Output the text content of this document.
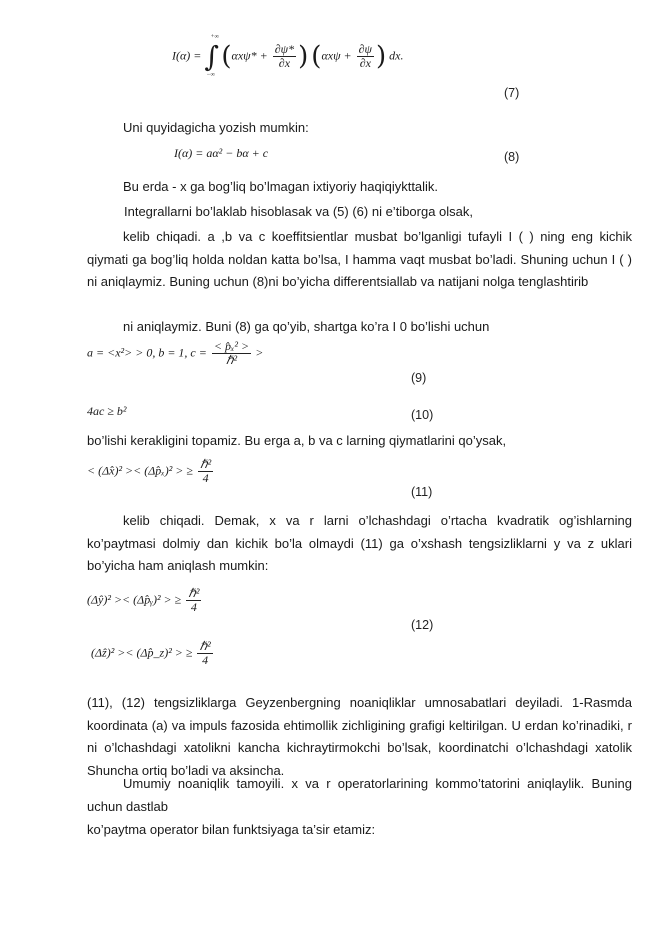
I(α) = ∫
+∞
−∞
($\alpha x\psi* + \frac{\partial\psi*}{\partial x}$ ) ($\alpha x\psi + \frac{\partial\psi}{\partial x}$ ) dx.
(7)
Uni quyidagicha yozish mumkin:
I(α) = aα² − bα + c	(8)
Bu erda - x ga bog’liq bo’lmagan ixtiyoriy haqiqiykttalik.
Integrallarni bo’laklab hisoblasak va (5) (6) ni e’tiborga olsak,

kelib chiqadi. a ,b va c koeffitsientlar musbat bo’lganligi tufayli I ( ) ning eng kichik qiymati ga bog’liq holda noldan katta bo’lsa, I hamma vaqt musbat bo’ladi. Shuning uchun I ( ) ni aniqlaymiz. Buning uchun (8)ni bo’yicha differentsiallab va natijani nolga tenglashtirib

ni aniqlaymiz. Buni (8) ga qo’yib, shartga ko’ra I 0 bo’lishi uchun
a = <x²> > 0, b = 1, $c = \frac{\text{< p̂ₓ² >}}{\text{ℏ²}}$ >
(9)
4ac ≥ b²	(10)
bo’lishi kerakligini topamiz. Bu erga a, b va c larning qiymatlarini qo’ysak,
< (Δx̂)² >< (Δp̂ₓ)² > ≥ $\frac{\text{ℏ²}}{4}$
(11)

kelib chiqadi. Demak, x va r larni o’lchashdagi o’rtacha kvadratik og’ishlarning ko’paytmasi dolmiy dan kichik bo’la olmaydi (11) ga o’xshash tengsizliklarni y va z uklari bo’yicha ham aniqlash mumkin:

(Δŷ)² >< (Δp̂ᵧ)² > ≥ $\frac{\text{ℏ²}}{4}$
(12)
(Δẑ)² >< (Δp̂_z)² > ≥ $\frac{\text{ℏ²}}{4}$

(11), (12) tengsizliklarga Geyzenbergning noaniqliklar umnosabatlari deyiladi. 1-Rasmda koordinata (a) va impuls fazosida ehtimollik zichligining grafigi keltirilgan. U erdan ko’rinadiki, r ni o’lchashdagi xatolikni kancha kichraytirmokchi bo’lsak, koordinatchi o’lchashdagi xatolik Shuncha ortiq bo’ladi va aksincha.

Umumiy noaniqlik tamoyili. x va r operatorlarining kommo’tatorini aniqlaylik. Buning uchun dastlab

ko’paytma operator bilan funktsiyaga ta’sir etamiz:
